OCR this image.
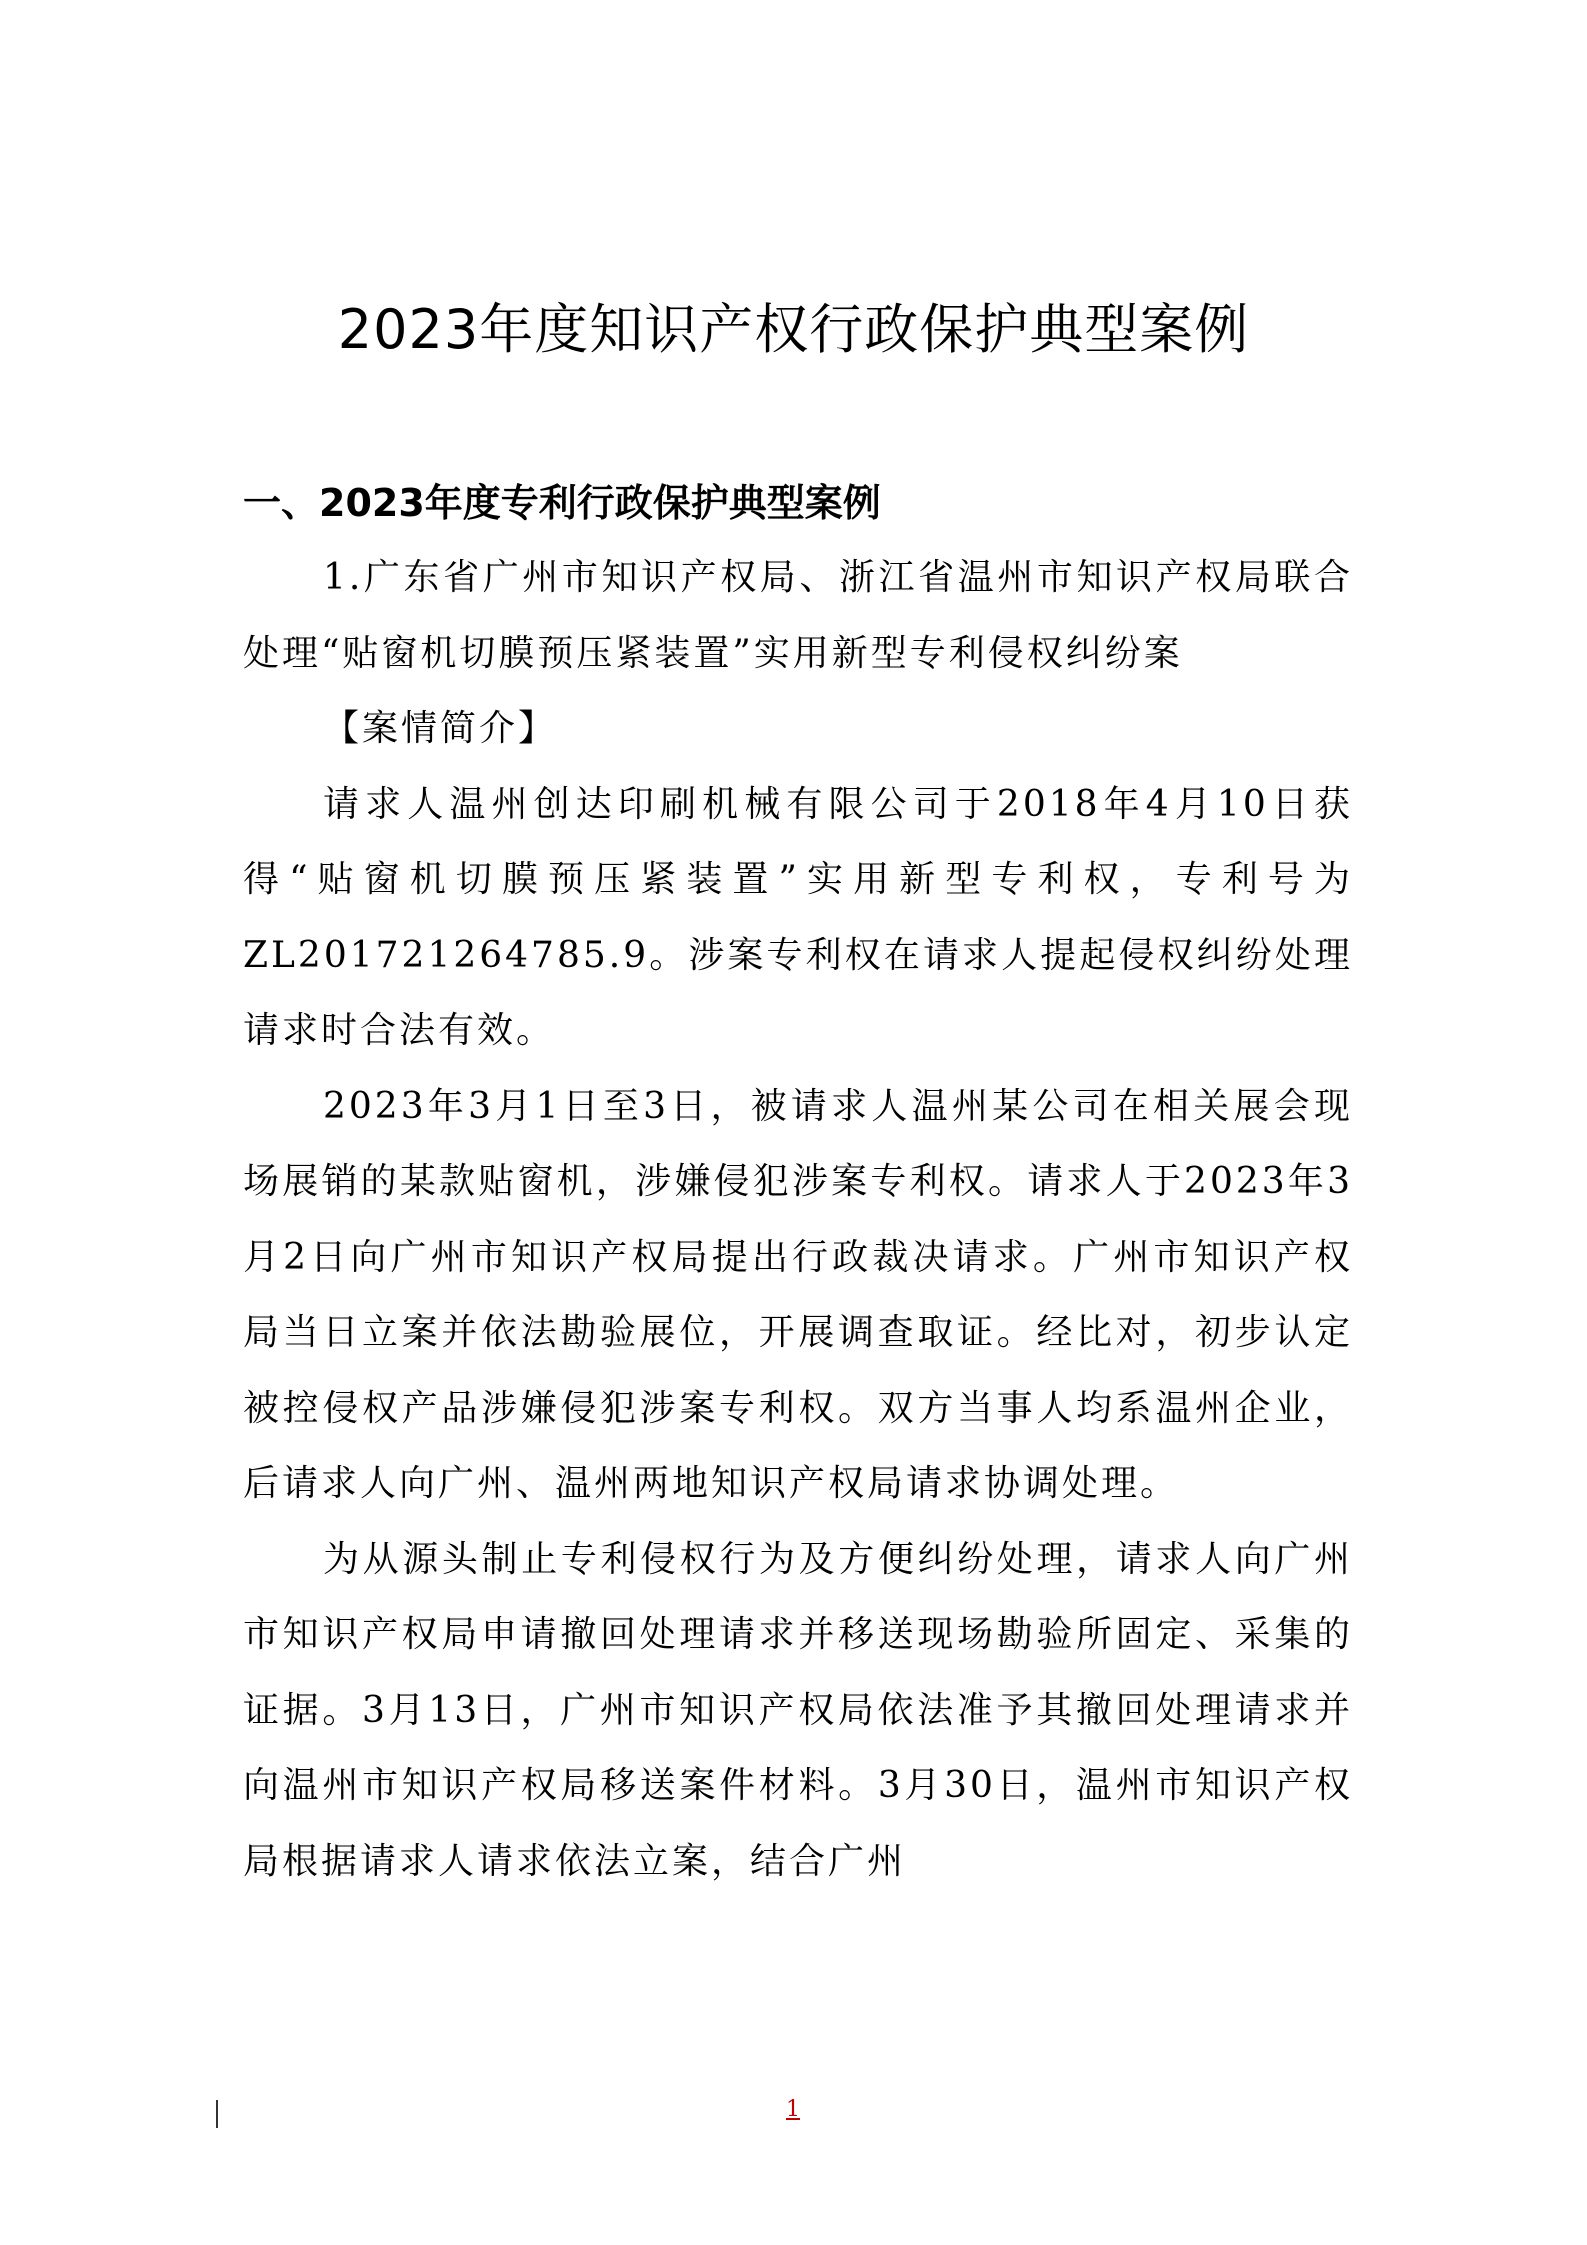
2023年度知识产权行政保护典型案例
一、2023年度专利行政保护典型案例

1.广东省广州市知识产权局、浙江省温州市知识产权局联合处理“贴窗机切膜预压紧装置”实用新型专利侵权纠纷案

【案情简介】

请求人温州创达印刷机械有限公司于2018年4月10日获得“贴窗机切膜预压紧装置”实用新型专利权，专利号为ZL201721264785.9。涉案专利权在请求人提起侵权纠纷处理请求时合法有效。

2023年3月1日至3日，被请求人温州某公司在相关展会现场展销的某款贴窗机，涉嫌侵犯涉案专利权。请求人于2023年3月2日向广州市知识产权局提出行政裁决请求。广州市知识产权局当日立案并依法勘验展位，开展调查取证。经比对，初步认定被控侵权产品涉嫌侵犯涉案专利权。双方当事人均系温州企业，后请求人向广州、温州两地知识产权局请求协调处理。

为从源头制止专利侵权行为及方便纠纷处理，请求人向广州市知识产权局申请撤回处理请求并移送现场勘验所固定、采集的证据。3月13日，广州市知识产权局依法准予其撤回处理请求并向温州市知识产权局移送案件材料。3月30日，温州市知识产权局根据请求人请求依法立案，结合广州

1
